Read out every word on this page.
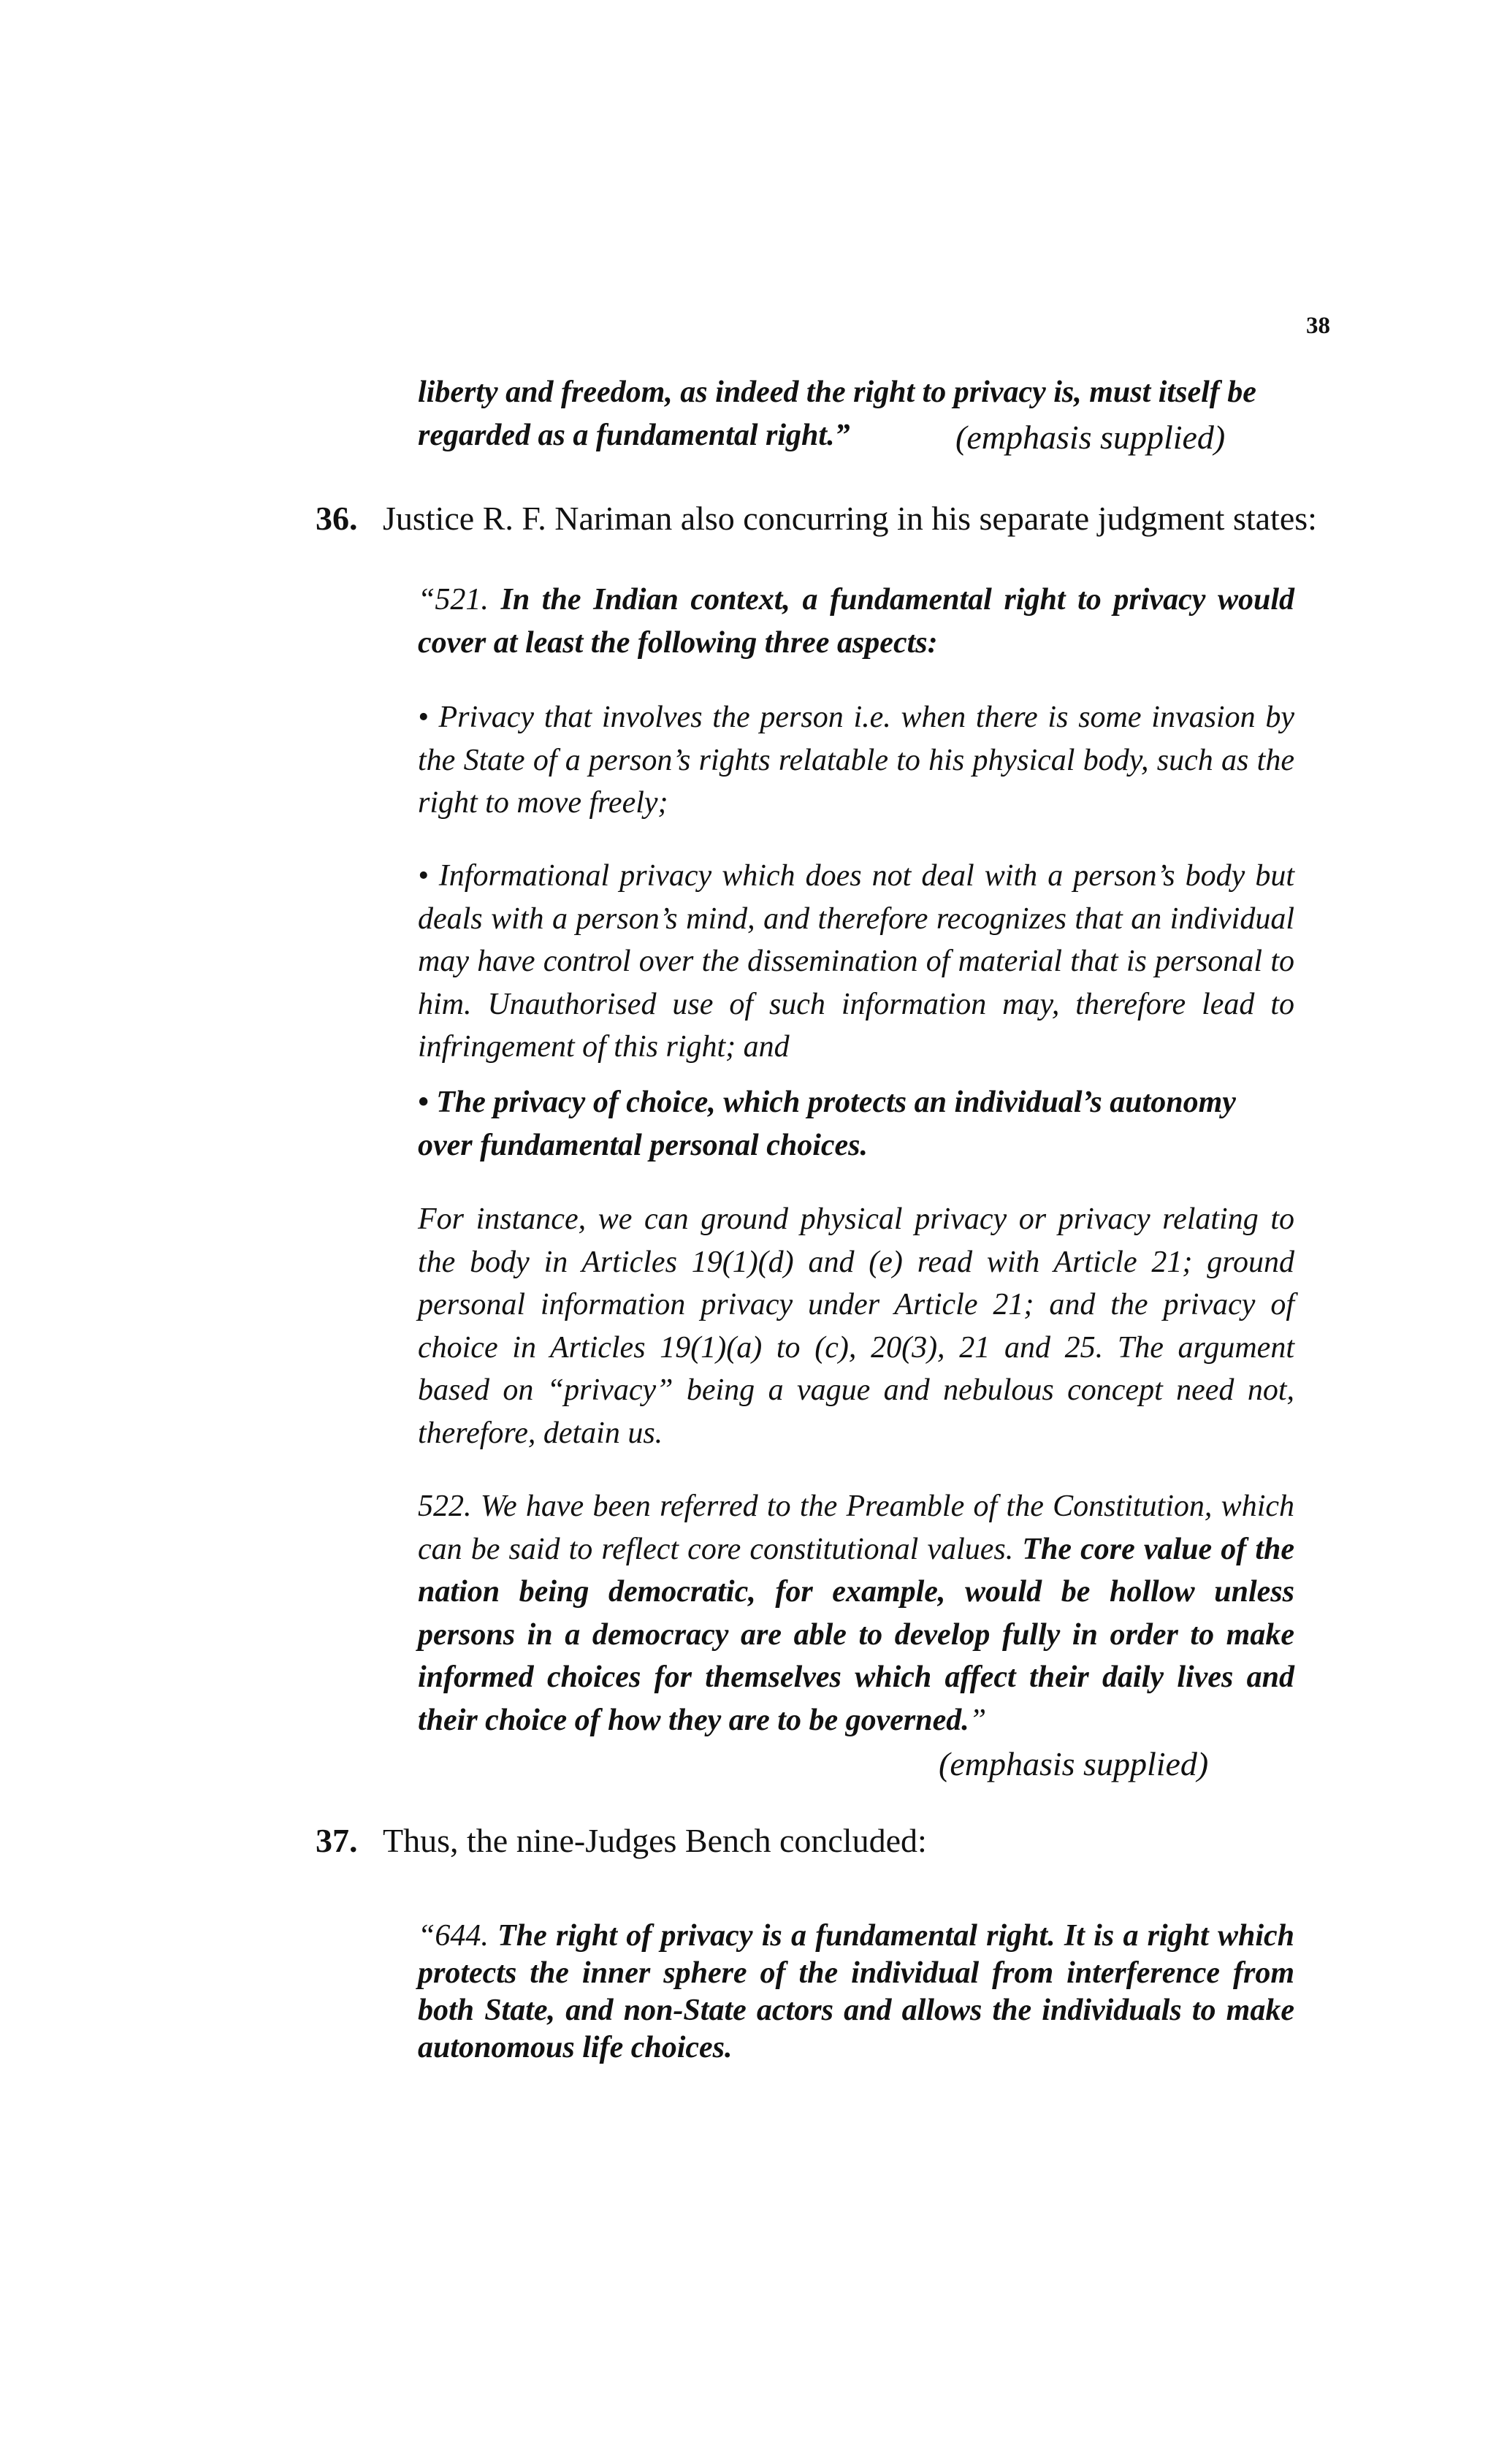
38

liberty and freedom, as indeed the right to privacy is, must itself be

regarded as a fundamental right.”	(emphasis supplied)
36. Justice R. F. Nariman also concurring in his separate judgment states:

“521. In the Indian context, a fundamental right to privacy would cover at least the following three aspects:

• Privacy that involves the person i.e. when there is some invasion by the State of a person’s rights relatable to his physical body, such as the right to move freely;

• Informational privacy which does not deal with a person’s body but deals with a person’s mind, and therefore recognizes that an individual may have control over the dissemination of material that is personal to him. Unauthorised use of such information may, therefore lead to infringement of this right; and

• The privacy of choice, which protects an individual’s autonomy over fundamental personal choices.

For instance, we can ground physical privacy or privacy relating to the body in Articles 19(1)(d) and (e) read with Article 21; ground personal information privacy under Article 21; and the privacy of choice in Articles 19(1)(a) to (c), 20(3), 21 and 25. The argument based on “privacy” being a vague and nebulous concept need not, therefore, detain us.

522. We have been referred to the Preamble of the Constitution, which can be said to reflect core constitutional values. The core value of the nation being democratic, for example, would be hollow unless persons in a democracy are able to develop fully in order to make informed choices for themselves which affect their daily lives and their choice of how they are to be governed.”

(emphasis supplied)
37. Thus, the nine-Judges Bench concluded:

“644. The right of privacy is a fundamental right. It is a right which protects the inner sphere of the individual from interference from both State, and non-State actors and allows the individuals to make autonomous life choices.
